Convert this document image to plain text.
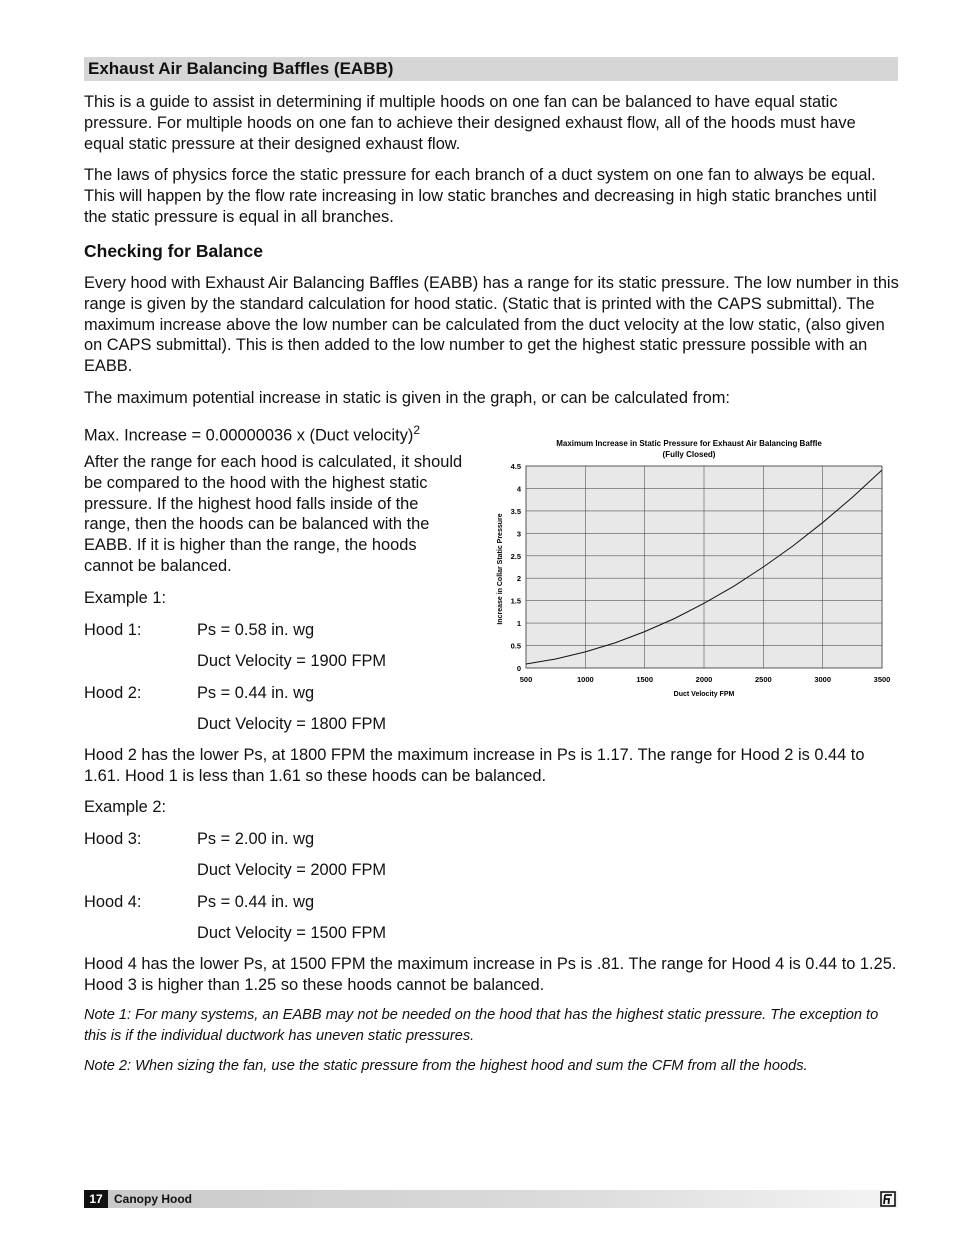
Exhaust Air Balancing Baffles (EABB)

This is a guide to assist in determining if multiple hoods on one fan can be balanced to have equal static pressure. For multiple hoods on one fan to achieve their designed exhaust flow, all of the hoods must have equal static pressure at their designed exhaust flow.

The laws of physics force the static pressure for each branch of a duct system on one fan to always be equal. This will happen by the flow rate increasing in low static branches and decreasing in high static branches until the static pressure is equal in all branches.

Checking for Balance

Every hood with Exhaust Air Balancing Baffles (EABB) has a range for its static pressure. The low number in this range is given by the standard calculation for hood static. (Static that is printed with the CAPS submittal). The maximum increase above the low number can be calculated from the duct velocity at the low static, (also given on CAPS submittal). This is then added to the low number to get the highest static pressure possible with an EABB.

The maximum potential increase in static is given in the graph, or can be calculated from:

Max. Increase = 0.00000036 x (Duct velocity)$^2$

After the range for each hood is calculated, it should be compared to the hood with the highest static pressure. If the highest hood falls inside of the range, then the hoods can be balanced with the EABB. If it is higher than the range, the hoods cannot be balanced.

Example 1:

Hood 1:	Ps = 0.58 in. wg

Duct Velocity = 1900 FPM

Hood 2:	Ps = 0.44 in. wg

Duct Velocity = 1800 FPM

Hood 2 has the lower Ps, at 1800 FPM the maximum increase in Ps is 1.17. The range for Hood 2 is 0.44 to 1.61. Hood 1 is less than 1.61 so these hoods can be balanced.

Example 2:

Hood 3:	Ps = 2.00 in. wg

Duct Velocity = 2000 FPM

Hood 4:	Ps = 0.44 in. wg

Duct Velocity = 1500 FPM

Hood 4 has the lower Ps, at 1500 FPM the maximum increase in Ps is .81. The range for Hood 4 is 0.44 to 1.25. Hood 3 is higher than 1.25 so these hoods cannot be balanced.

Note 1: For many systems, an EABB may not be needed on the hood that has the highest static pressure. The exception to this is if the individual ductwork has uneven static pressures.

Note 2: When sizing the fan, use the static pressure from the highest hood and sum the CFM from all the hoods.

Maximum Increase in Static Pressure for Exhaust Air Balancing Baffle
(Fully Closed)
0
0.5
1
1.5
2
2.5
3
3.5
4
4.5
500	1000	1500	2000	2500	3000	3500
Duct Velocity FPM
Increase in Collar Static Pressure
17 Canopy Hood
